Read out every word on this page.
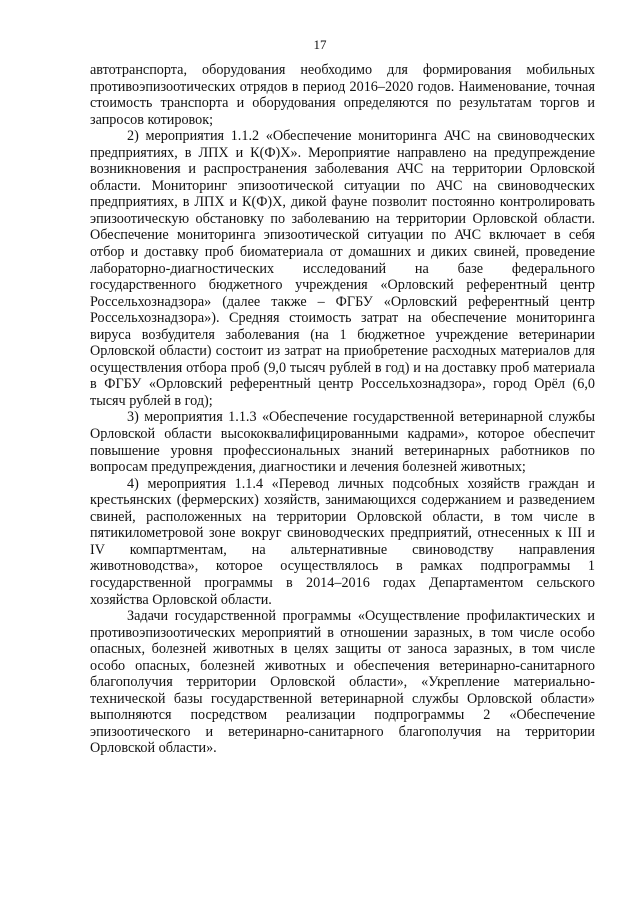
17

автотранспорта, оборудования необходимо для формирования мобильных противоэпизоотических отрядов в период 2016–2020 годов. Наименование, точная стоимость транспорта и оборудования определяются по результатам торгов и запросов котировок;

2) мероприятия 1.1.2 «Обеспечение мониторинга АЧС на свиноводческих предприятиях, в ЛПХ и К(Ф)Х». Мероприятие направлено на предупреждение возникновения и распространения заболевания АЧС на территории Орловской области. Мониторинг эпизоотической ситуации по АЧС на свиноводческих предприятиях, в ЛПХ и К(Ф)Х, дикой фауне позволит постоянно контролировать эпизоотическую обстановку по заболеванию на территории Орловской области. Обеспечение мониторинга эпизоотической ситуации по АЧС включает в себя отбор и доставку проб биоматериала от домашних и диких свиней, проведение лабораторно-диагностических исследований на базе федерального государственного бюджетного учреждения «Орловский референтный центр Россельхознадзора» (далее также – ФГБУ «Орловский референтный центр Россельхознадзора»). Средняя стоимость затрат на обеспечение мониторинга вируса возбудителя заболевания (на 1 бюджетное учреждение ветеринарии Орловской области) состоит из затрат на приобретение расходных материалов для осуществления отбора проб (9,0 тысяч рублей в год) и на доставку проб материала в ФГБУ «Орловский референтный центр Россельхознадзора», город Орёл (6,0 тысяч рублей в год);

3) мероприятия 1.1.3 «Обеспечение государственной ветеринарной службы Орловской области высококвалифицированными кадрами», которое обеспечит повышение уровня профессиональных знаний ветеринарных работников по вопросам предупреждения, диагностики и лечения болезней животных;

4) мероприятия 1.1.4 «Перевод личных подсобных хозяйств граждан и крестьянских (фермерских) хозяйств, занимающихся содержанием и разведением свиней, расположенных на территории Орловской области, в том числе в пятикилометровой зоне вокруг свиноводческих предприятий, отнесенных к III и IV компартментам, на альтернативные свиноводству направления животноводства», которое осуществлялось в рамках подпрограммы 1 государственной программы в 2014–2016 годах Департаментом сельского хозяйства Орловской области.

Задачи государственной программы «Осуществление профилактических и противоэпизоотических мероприятий в отношении заразных, в том числе особо опасных, болезней животных в целях защиты от заноса заразных, в том числе особо опасных, болезней животных и обеспечения ветеринарно-санитарного благополучия территории Орловской области», «Укрепление материально-технической базы государственной ветеринарной службы Орловской области» выполняются посредством реализации подпрограммы 2 «Обеспечение эпизоотического и ветеринарно-санитарного благополучия на территории Орловской области».
